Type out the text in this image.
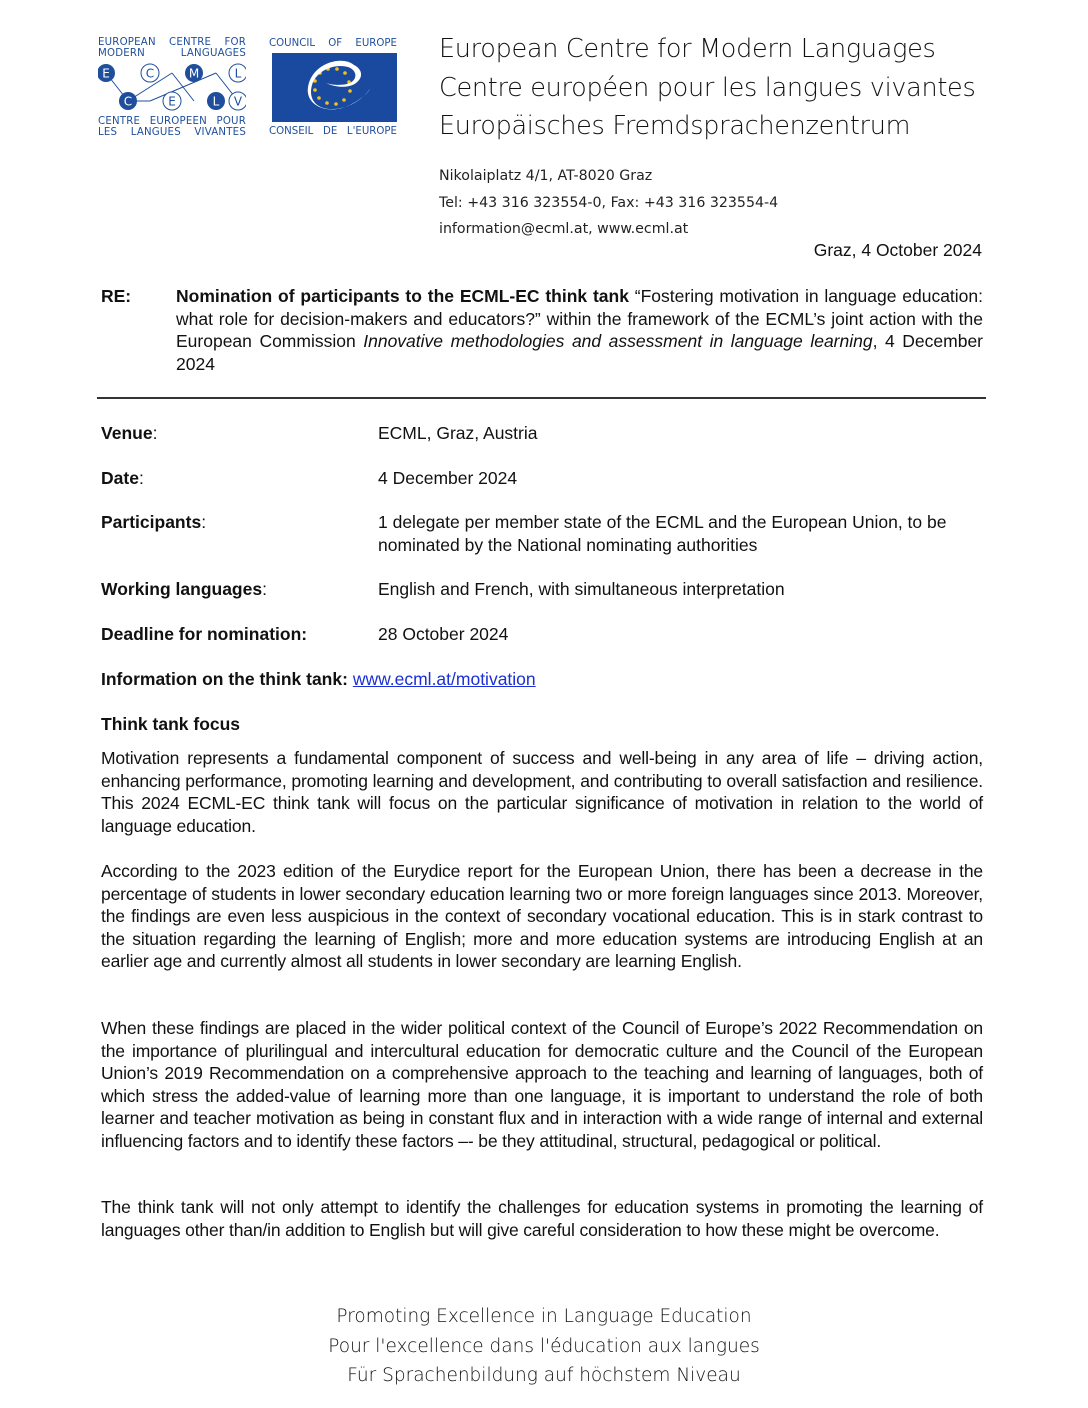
EUROPEAN CENTRE FOR
MODERN	LANGUAGES
E	C	M	L
C	E	L V
CENTRE EUROPEEN POUR
LES LANGUES VIVANTES
COUNCIL OF EUROPE
CONSEIL DE L'EUROPE
European Centre for Modern Languages
Centre européen pour les langues vivantes
Europäisches Fremdsprachenzentrum
Nikolaiplatz 4/1, AT-8020 Graz
Tel: +43 316 323554-0, Fax: +43 316 323554-4
information@ecml.at, www.ecml.at
Graz, 4 October 2024
RE:	Nomination of participants to the ECML-EC think tank “Fostering motivation in language education: what role for decision-makers and educators?” within the framework of the ECML’s joint action with the European Commission Innovative methodologies and assessment in language learning, 4 December 2024
Venue:	ECML, Graz, Austria
Date:	4 December 2024
Participants:	1 delegate per member state of the ECML and the European Union, to be nominated by the National nominating authorities
Working languages:	English and French, with simultaneous interpretation
Deadline for nomination:	28 October 2024
Information on the think tank: www.ecml.at/motivation
Think tank focus

Motivation represents a fundamental component of success and well-being in any area of life – driving action, enhancing performance, promoting learning and development, and contributing to overall satisfaction and resilience. This 2024 ECML-EC think tank will focus on the particular significance of motivation in relation to the world of language education.

According to the 2023 edition of the Eurydice report for the European Union, there has been a decrease in the percentage of students in lower secondary education learning two or more foreign languages since 2013. Moreover, the findings are even less auspicious in the context of secondary vocational education. This is in stark contrast to the situation regarding the learning of English; more and more education systems are introducing English at an earlier age and currently almost all students in lower secondary are learning English.

When these findings are placed in the wider political context of the Council of Europe’s 2022 Recommendation on the importance of plurilingual and intercultural education for democratic culture and the Council of the European Union’s 2019 Recommendation on a comprehensive approach to the teaching and learning of languages, both of which stress the added-value of learning more than one language, it is important to understand the role of both learner and teacher motivation as being in constant flux and in interaction with a wide range of internal and external influencing factors and to identify these factors –- be they attitudinal, structural, pedagogical or political.

The think tank will not only attempt to identify the challenges for education systems in promoting the learning of languages other than/in addition to English but will give careful consideration to how these might be overcome.

Promoting Excellence in Language Education
Pour l'excellence dans l'éducation aux langues
Für Sprachenbildung auf höchstem Niveau
